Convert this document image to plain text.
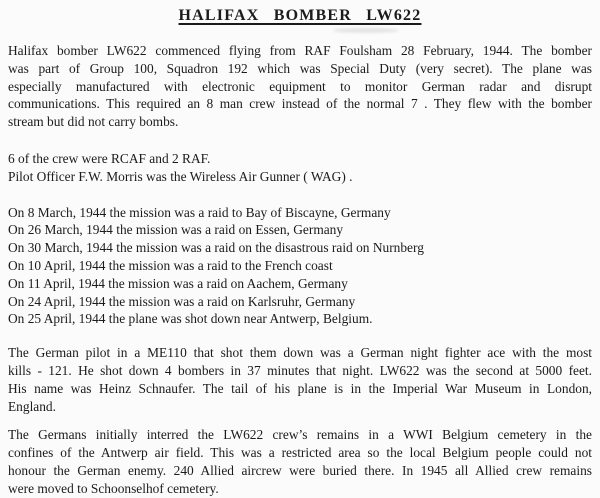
HALIFAX BOMBER LW622
Halifax bomber LW622 commenced flying from RAF Foulsham 28 February, 1944. The bomber
was part of Group 100, Squadron 192 which was Special Duty (very secret). The plane was
especially manufactured with electronic equipment to monitor German radar and disrupt
communications. This required an 8 man crew instead of the normal 7 . They flew with the bomber
stream but did not carry bombs.
6 of the crew were RCAF and 2 RAF.
Pilot Officer F.W. Morris was the Wireless Air Gunner ( WAG) .
On 8 March, 1944 the mission was a raid to Bay of Biscayne, Germany
On 26 March, 1944 the mission was a raid on Essen, Germany
On 30 March, 1944 the mission was a raid on the disastrous raid on Nurnberg
On 10 April, 1944 the mission was a raid to the French coast
On 11 April, 1944 the mission was a raid on Aachem, Germany
On 24 April, 1944 the mission was a raid on Karlsruhr, Germany
On 25 April, 1944 the plane was shot down near Antwerp, Belgium.
The German pilot in a ME110 that shot them down was a German night fighter ace with the most
kills - 121. He shot down 4 bombers in 37 minutes that night. LW622 was the second at 5000 feet.
His name was Heinz Schnaufer. The tail of his plane is in the Imperial War Museum in London,
England.
The Germans initially interred the LW622 crew’s remains in a WWI Belgium cemetery in the
confines of the Antwerp air field. This was a restricted area so the local Belgium people could not
honour the German enemy. 240 Allied aircrew were buried there. In 1945 all Allied crew remains
were moved to Schoonselhof cemetery.
